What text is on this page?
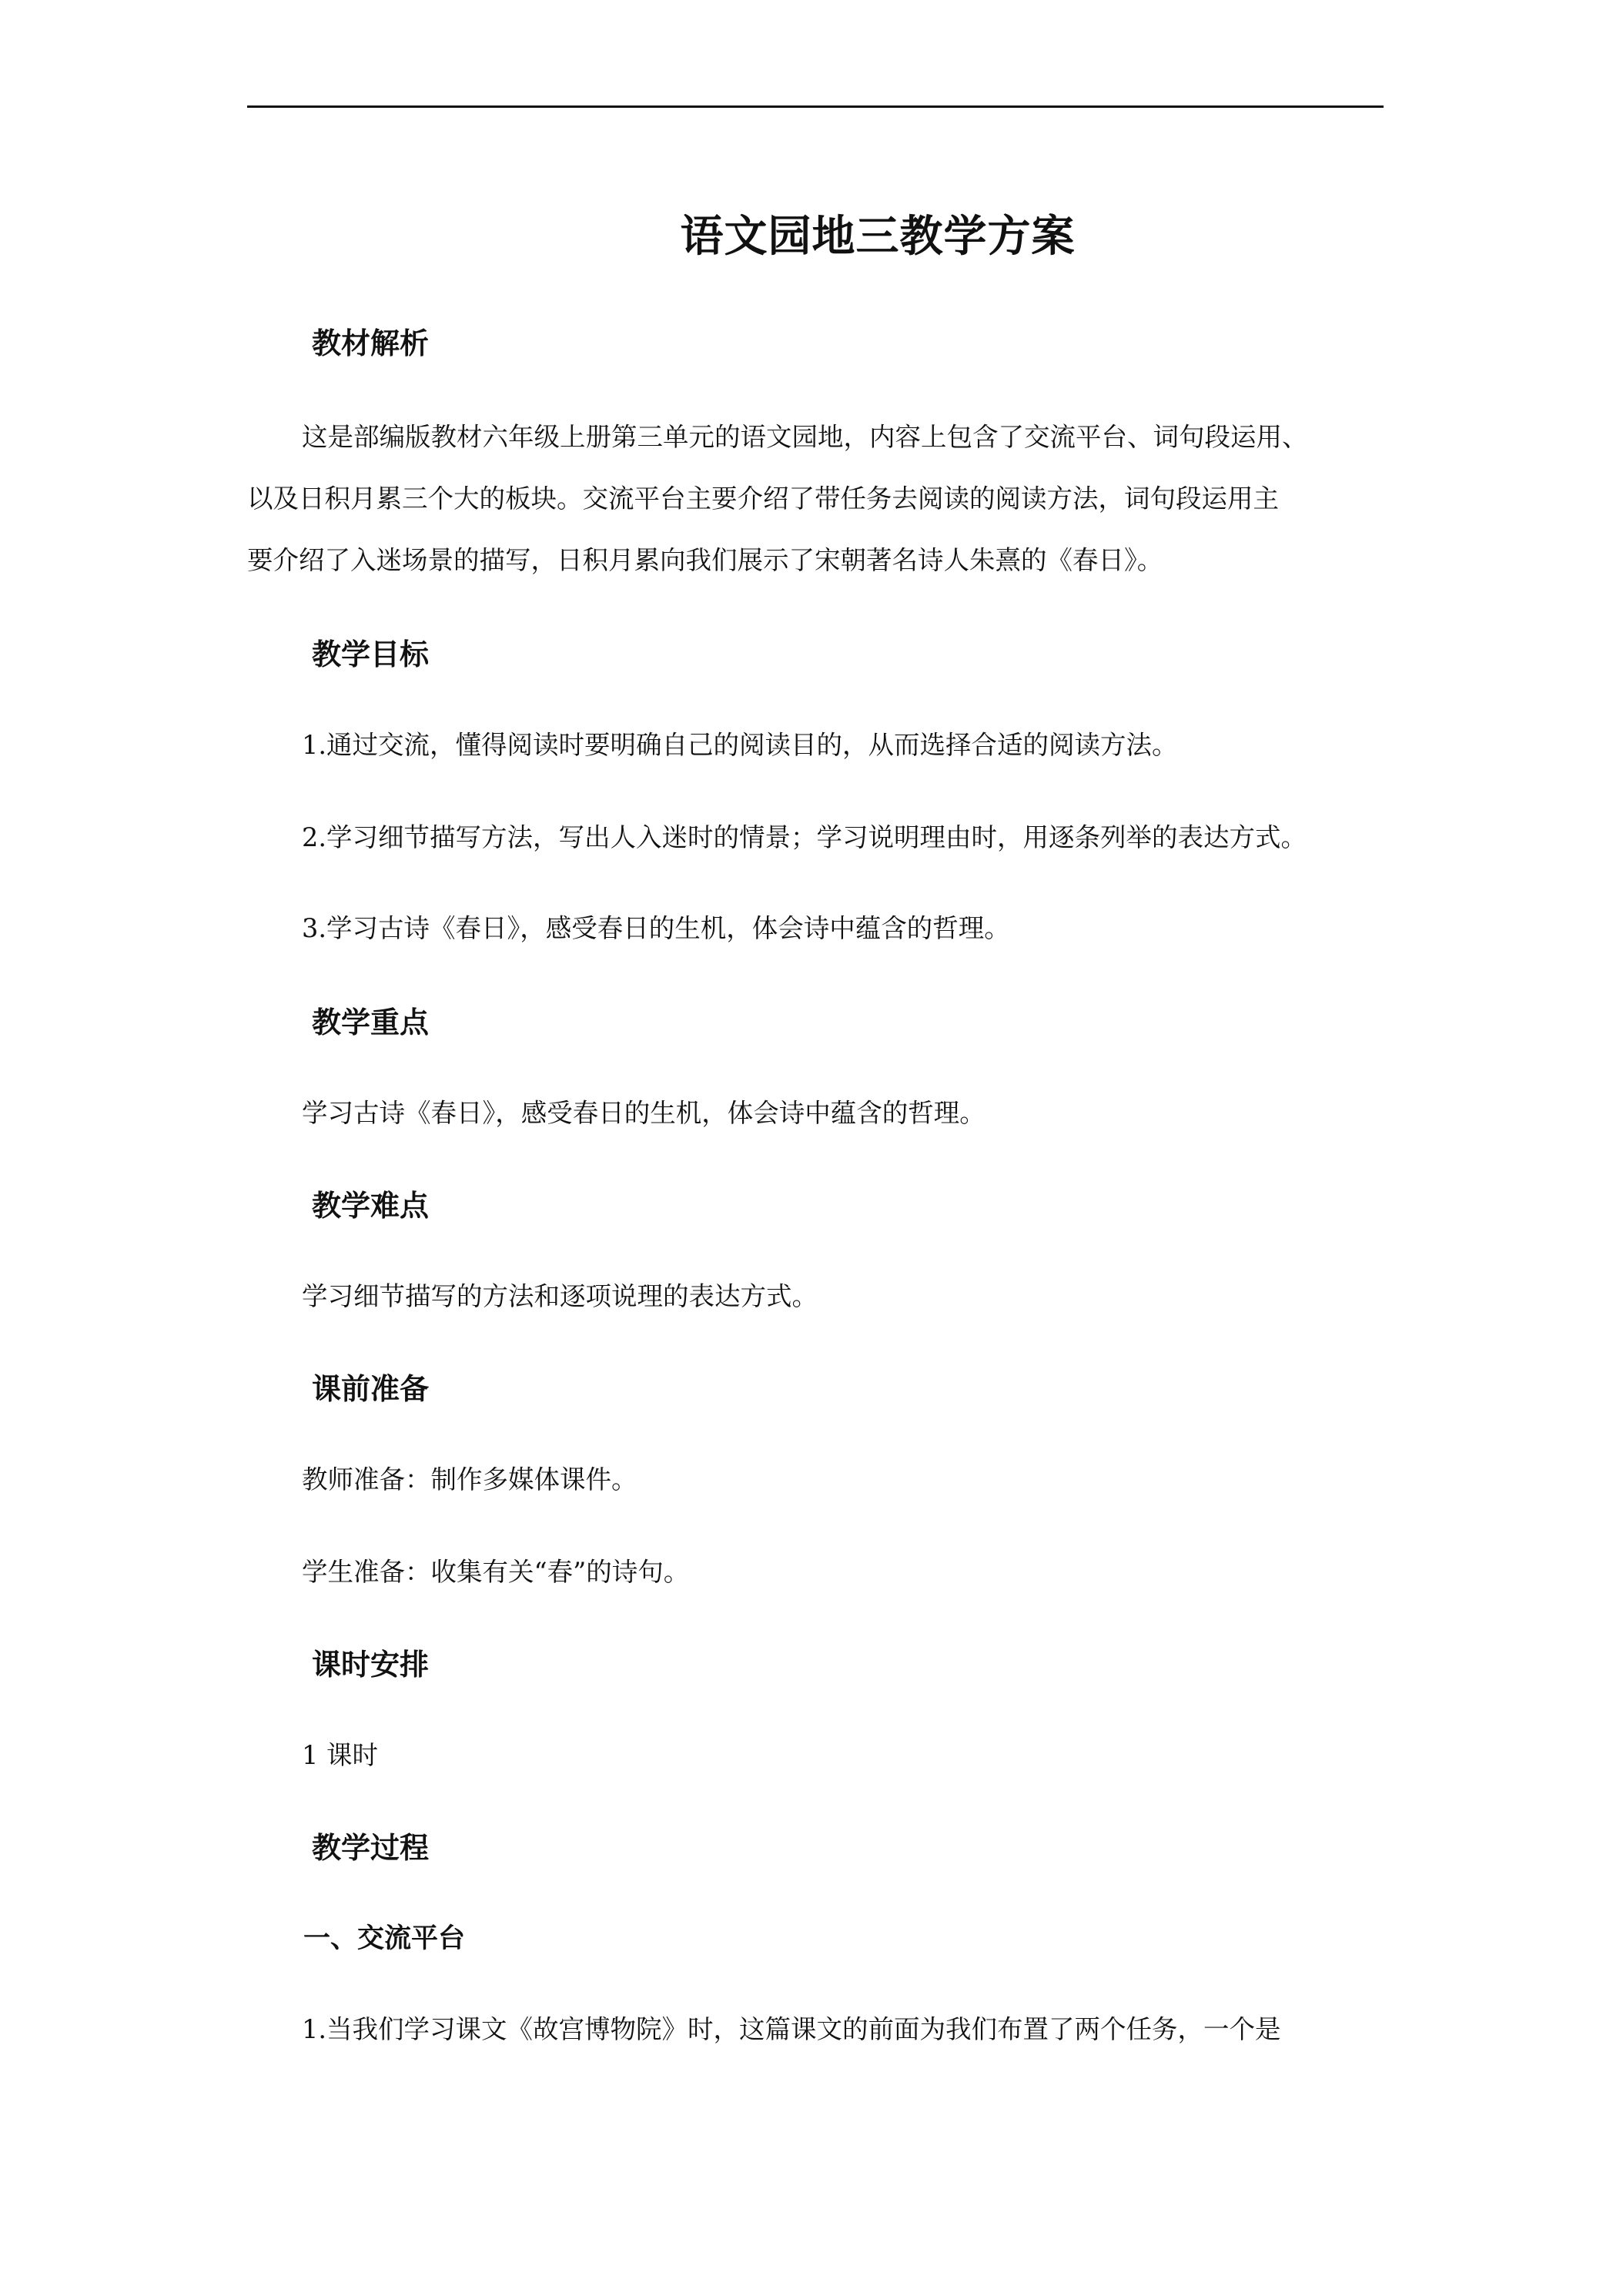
语文园地三教学方案
教材解析
这是部编版教材六年级上册第三单元的语文园地，内容上包含了交流平台、词句段运用、
以及日积月累三个大的板块。交流平台主要介绍了带任务去阅读的阅读方法，词句段运用主
要介绍了入迷场景的描写，日积月累向我们展示了宋朝著名诗人朱熹的《春日》。
教学目标
1.通过交流，懂得阅读时要明确自己的阅读目的，从而选择合适的阅读方法。
2.学习细节描写方法，写出人入迷时的情景；学习说明理由时，用逐条列举的表达方式。
3.学习古诗《春日》，感受春日的生机，体会诗中蕴含的哲理。
教学重点
学习古诗《春日》，感受春日的生机，体会诗中蕴含的哲理。
教学难点
学习细节描写的方法和逐项说理的表达方式。
课前准备
教师准备：制作多媒体课件。
学生准备：收集有关“春”的诗句。
课时安排
1 课时
教学过程
一、交流平台
1.当我们学习课文《故宫博物院》时，这篇课文的前面为我们布置了两个任务，一个是
